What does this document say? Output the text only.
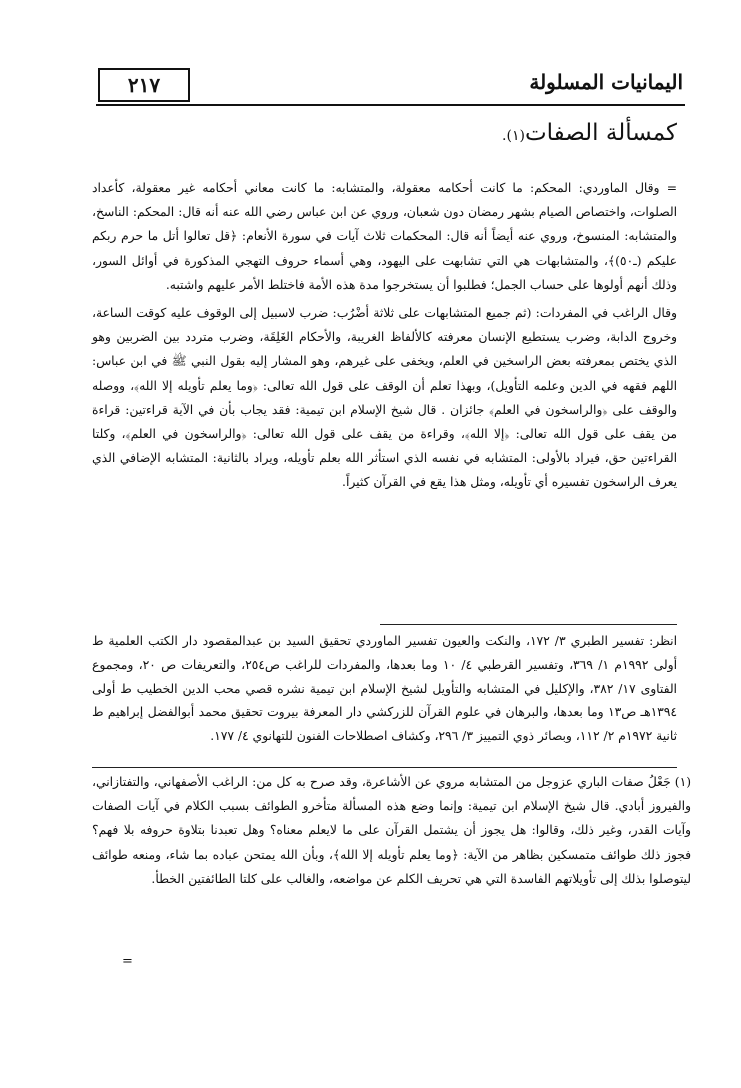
٢١٧	اليمانيات المسلولة
كمسألة الصفات(١).

= وقال الماوردي: المحكم: ما كانت أحكامه معقولة، والمتشابه: ما كانت معاني أحكامه غير معقولة، كأعداد الصلوات، واختصاص الصيام بشهر رمضان دون شعبان، وروي عن ابن عباس رضي الله عنه أنه قال: المحكم: الناسخ، والمتشابه: المنسوخ، وروي عنه أيضاً أنه قال: المحكمات ثلاث آيات في سورة الأنعام: ﴿قل تعالوا أتل ما حرم ربكم عليكم (ـ٥٠)﴾، والمتشابهات هي التي تشابهت على اليهود، وهي أسماء حروف التهجي المذكورة في أوائل السور، وذلك أنهم أولوها على حساب الجمل؛ فطلبوا أن يستخرجوا مدة هذه الأمة فاختلط الأمر عليهم واشتبه.

وقال الراغب في المفردات: (ثم جميع المتشابهات على ثلاثة أضْرُب: ضرب لاسبيل إلى الوقوف عليه كوقت الساعة، وخروج الدابة، وضرب يستطيع الإنسان معرفته كالألفاظ الغريبة، والأحكام الغَلِقَة، وضرب متردد بين الضربين وهو الذي يختص بمعرفته بعض الراسخين في العلم، ويخفى على غيرهم، وهو المشار إليه بقول النبي ﷺ في ابن عباس: اللهم فقهه في الدين وعلمه التأويل)، وبهذا تعلم أن الوقف على قول الله تعالى: ﴿وما يعلم تأويله إلا الله﴾، ووصله والوقف على ﴿والراسخون في العلم﴾ جائزان . قال شيخ الإسلام ابن تيمية: فقد يجاب بأن في الآية قراءتين: قراءة من يقف على قول الله تعالى: ﴿إلا الله﴾، وقراءة من يقف على قول الله تعالى: ﴿والراسخون في العلم﴾، وكلتا القراءتين حق، فيراد بالأولى: المتشابه في نفسه الذي استأثر الله بعلم تأويله، ويراد بالثانية: المتشابه الإضافي الذي يعرف الراسخون تفسيره أي تأويله، ومثل هذا يقع في القرآن كثيراً.

انظر: تفسير الطبري ٣/ ١٧٢، والنكت والعيون تفسير الماوردي تحقيق السيد بن عبدالمقصود دار الكتب العلمية ط أولى ١٩٩٢م ١/ ٣٦٩، وتفسير القرطبي ٤/ ١٠ وما بعدها، والمفردات للراغب ص٢٥٤، والتعريفات ص ٢٠، ومجموع الفتاوى ١٧/ ٣٨٢، والإكليل في المتشابه والتأويل لشيخ الإسلام ابن تيمية نشره قصي محب الدين الخطيب ط أولى ١٣٩٤هـ ص١٣ وما بعدها، والبرهان في علوم القرآن للزركشي دار المعرفة بيروت تحقيق محمد أبوالفضل إبراهيم ط ثانية ١٩٧٢م ٢/ ١١٢، وبصائر ذوي التمييز ٣/ ٢٩٦، وكشاف اصطلاحات الفنون للتهانوي ٤/ ١٧٧.

(١) جَعْلُ صفات الباري عزوجل من المتشابه مروي عن الأشاعرة، وقد صرح به كل من: الراغب الأصفهاني، والتفتازاني، والفيروز أبادي. قال شيخ الإسلام ابن تيمية: وإنما وضع هذه المسألة متأخرو الطوائف بسبب الكلام في آيات الصفات وآيات القدر، وغير ذلك، وقالوا: هل يجوز أن يشتمل القرآن على ما لايعلم معناه؟ وهل تعبدنا بتلاوة حروفه بلا فهم؟ فجوز ذلك طوائف متمسكين بظاهر من الآية: ﴿وما يعلم تأويله إلا الله﴾، وبأن الله يمتحن عباده بما شاء، ومنعه طوائف ليتوصلوا بذلك إلى تأويلاتهم الفاسدة التي هي تحريف الكلم عن مواضعه، والغالب على كلتا الطائفتين الخطأ.

=
